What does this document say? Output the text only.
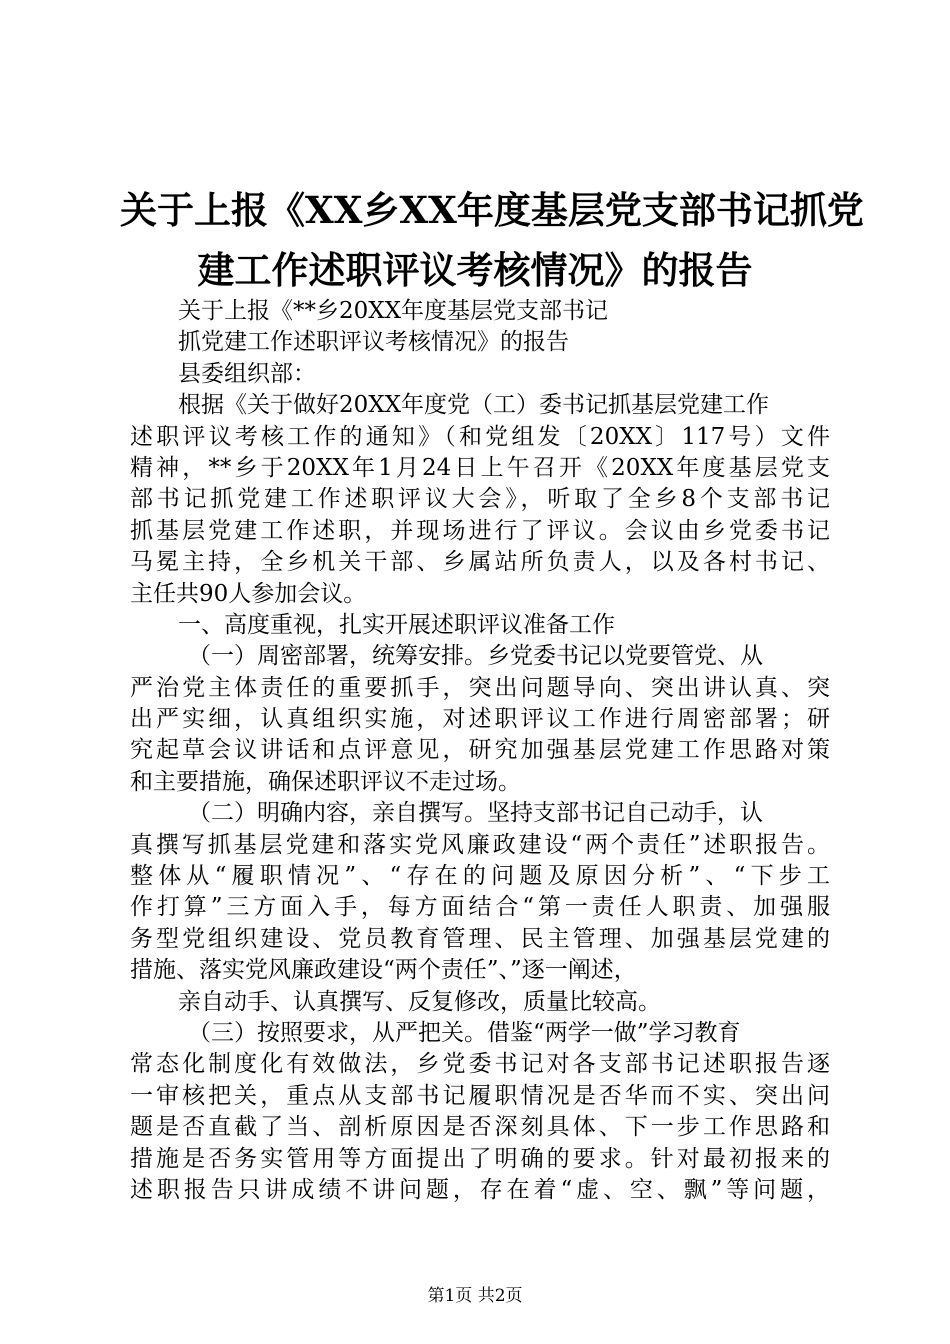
关于上报《XX乡XX年度基层党支部书记抓党
建工作述职评议考核情况》的报告
关于上报《**乡20XX年度基层党支部书记
抓党建工作述职评议考核情况》的报告
县委组织部：
根据《关于做好20XX年度党（工）委书记抓基层党建工作
述职评议考核工作的通知》（和党组发〔20XX〕117号）文件
精神，**乡于20XX年1月24日上午召开《20XX年度基层党支
部书记抓党建工作述职评议大会》，听取了全乡8个支部书记
抓基层党建工作述职，并现场进行了评议。会议由乡党委书记
马冕主持，全乡机关干部、乡属站所负责人，以及各村书记、
主任共90人参加会议。
一、高度重视，扎实开展述职评议准备工作
（一）周密部署，统筹安排。乡党委书记以党要管党、从
严治党主体责任的重要抓手，突出问题导向、突出讲认真、突
出严实细，认真组织实施，对述职评议工作进行周密部署；研
究起草会议讲话和点评意见，研究加强基层党建工作思路对策
和主要措施，确保述职评议不走过场。
（二）明确内容，亲自撰写。坚持支部书记自己动手，认
真撰写抓基层党建和落实党风廉政建设“两个责任”述职报告。
整体从“履职情况”、“存在的问题及原因分析”、“下步工
作打算”三方面入手，每方面结合“第一责任人职责、加强服
务型党组织建设、党员教育管理、民主管理、加强基层党建的
措施、落实党风廉政建设“两个责任”、”逐一阐述，
亲自动手、认真撰写、反复修改，质量比较高。
（三）按照要求，从严把关。借鉴“两学一做”学习教育
常态化制度化有效做法，乡党委书记对各支部书记述职报告逐
一审核把关，重点从支部书记履职情况是否华而不实、突出问
题是否直截了当、剖析原因是否深刻具体、下一步工作思路和
措施是否务实管用等方面提出了明确的要求。针对最初报来的
述职报告只讲成绩不讲问题，存在着“虚、空、飘”等问题，
第1页 共2页
